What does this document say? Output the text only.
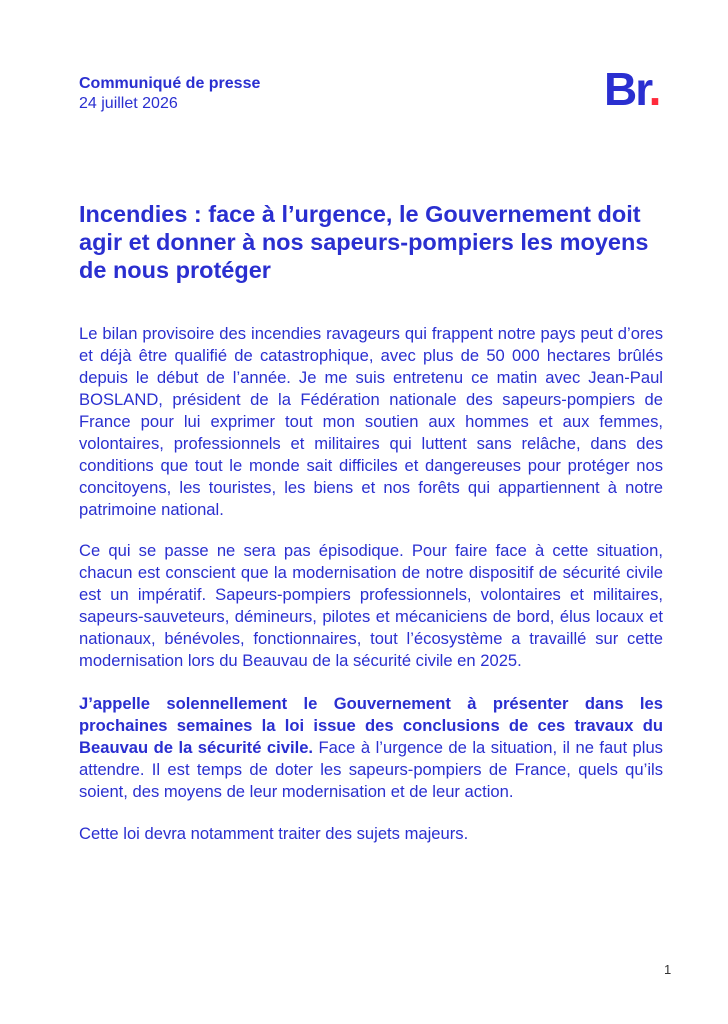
Communiqué de presse
24 juillet 2026	Br.
Incendies : face à l’urgence, le Gouvernement doit agir et donner à nos sapeurs-pompiers les moyens de nous protéger

Le bilan provisoire des incendies ravageurs qui frappent notre pays peut d’ores et déjà être qualifié de catastrophique, avec plus de 50 000 hectares brûlés depuis le début de l’année. Je me suis entretenu ce matin avec Jean-Paul BOSLAND, président de la Fédération nationale des sapeurs-pompiers de France pour lui exprimer tout mon soutien aux hommes et aux femmes, volontaires, professionnels et militaires qui luttent sans relâche, dans des conditions que tout le monde sait difficiles et dangereuses pour protéger nos concitoyens, les touristes, les biens et nos forêts qui appartiennent à notre patrimoine national.

Ce qui se passe ne sera pas épisodique. Pour faire face à cette situation, chacun est conscient que la modernisation de notre dispositif de sécurité civile est un impératif. Sapeurs-pompiers professionnels, volontaires et militaires, sapeurs-sauveteurs, démineurs, pilotes et mécaniciens de bord, élus locaux et nationaux, bénévoles, fonctionnaires, tout l’écosystème a travaillé sur cette modernisation lors du Beauvau de la sécurité civile en 2025.

J’appelle solennellement le Gouvernement à présenter dans les prochaines semaines la loi issue des conclusions de ces travaux du Beauvau de la sécurité civile. Face à l’urgence de la situation, il ne faut plus attendre. Il est temps de doter les sapeurs-pompiers de France, quels qu’ils soient, des moyens de leur modernisation et de leur action.

Cette loi devra notamment traiter des sujets majeurs.

1
